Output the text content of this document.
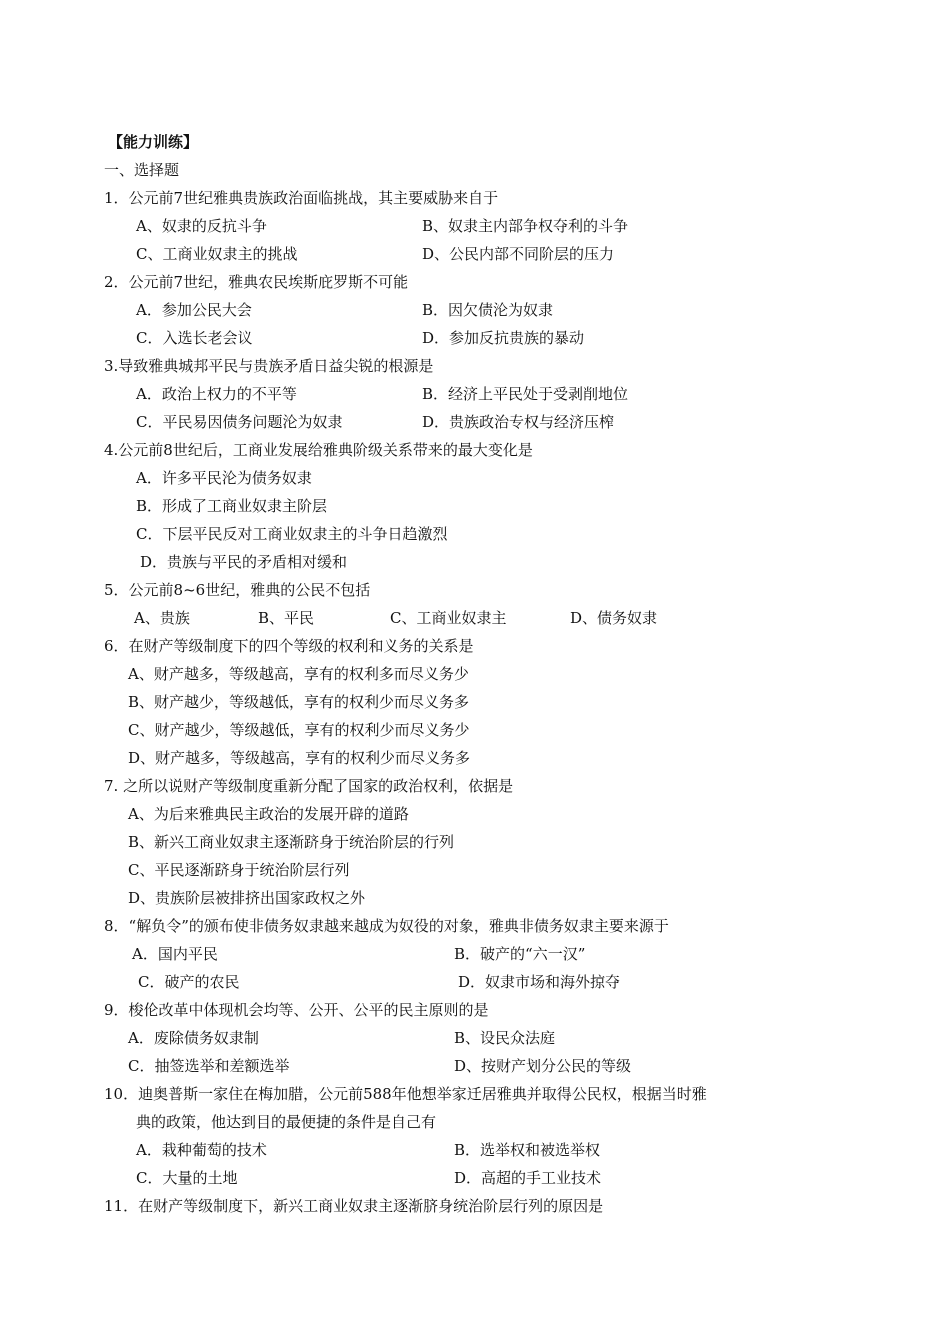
【能力训练】
一、选择题
1．公元前7世纪雅典贵族政治面临挑战，其主要威胁来自于
A、奴隶的反抗斗争	B、奴隶主内部争权夺利的斗争
C、工商业奴隶主的挑战	D、公民内部不同阶层的压力
2．公元前7世纪，雅典农民埃斯庇罗斯不可能
A．参加公民大会	B．因欠债沦为奴隶
C．入选长老会议	D．参加反抗贵族的暴动
3.导致雅典城邦平民与贵族矛盾日益尖锐的根源是
A．政治上权力的不平等	B．经济上平民处于受剥削地位
C．平民易因债务问题沦为奴隶	D．贵族政治专权与经济压榨
4.公元前8世纪后，工商业发展给雅典阶级关系带来的最大变化是
A．许多平民沦为债务奴隶
B．形成了工商业奴隶主阶层
C．下层平民反对工商业奴隶主的斗争日趋激烈
D．贵族与平民的矛盾相对缓和
5．公元前8~6世纪，雅典的公民不包括
A、贵族	B、平民	C、工商业奴隶主	D、债务奴隶
6．在财产等级制度下的四个等级的权利和义务的关系是
A、财产越多，等级越高，享有的权利多而尽义务少
B、财产越少，等级越低，享有的权利少而尽义务多
C、财产越少，等级越低，享有的权利少而尽义务少
D、财产越多，等级越高，享有的权利少而尽义务多
7. 之所以说财产等级制度重新分配了国家的政治权利，依据是
A、为后来雅典民主政治的发展开辟的道路
B、新兴工商业奴隶主逐渐跻身于统治阶层的行列
C、平民逐渐跻身于统治阶层行列
D、贵族阶层被排挤出国家政权之外
8．“解负令”的颁布使非债务奴隶越来越成为奴役的对象，雅典非债务奴隶主要来源于
A．国内平民	B．破产的“六一汉”
C．破产的农民	D．奴隶市场和海外掠夺
9．梭伦改革中体现机会均等、公开、公平的民主原则的是
A．废除债务奴隶制	B、设民众法庭
C．抽签选举和差额选举	D、按财产划分公民的等级
10．迪奥普斯一家住在梅加腊，公元前588年他想举家迁居雅典并取得公民权，根据当时雅
典的政策，他达到目的最便捷的条件是自己有
A．栽种葡萄的技术	B．选举权和被选举权
C．大量的土地	D．高超的手工业技术
11．在财产等级制度下，新兴工商业奴隶主逐渐脐身统治阶层行列的原因是
